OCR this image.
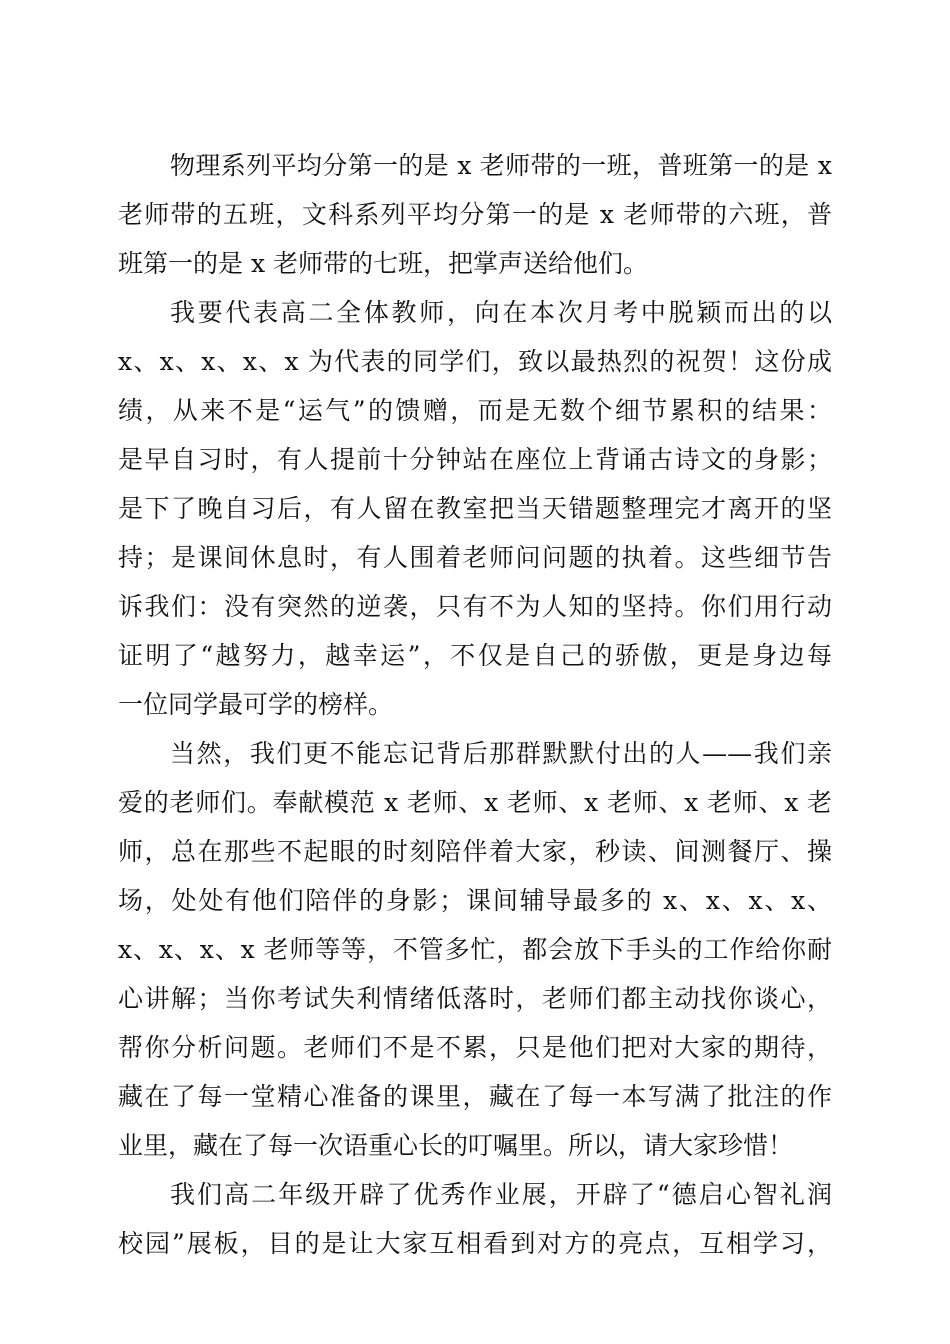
物理系列平均分第一的是 x 老师带的一班，普班第一的是 x
老师带的五班，文科系列平均分第一的是 x 老师带的六班，普
班第一的是 x 老师带的七班，把掌声送给他们。
我要代表高二全体教师，向在本次月考中脱颖而出的以
x、x、x、x、x 为代表的同学们，致以最热烈的祝贺！这份成
绩，从来不是“运气”的馈赠，而是无数个细节累积的结果：
是早自习时，有人提前十分钟站在座位上背诵古诗文的身影；
是下了晚自习后，有人留在教室把当天错题整理完才离开的坚
持；是课间休息时，有人围着老师问问题的执着。这些细节告
诉我们：没有突然的逆袭，只有不为人知的坚持。你们用行动
证明了“越努力，越幸运”，不仅是自己的骄傲，更是身边每
一位同学最可学的榜样。
当然，我们更不能忘记背后那群默默付出的人——我们亲
爱的老师们。奉献模范 x 老师、x 老师、x 老师、x 老师、x 老
师，总在那些不起眼的时刻陪伴着大家，秒读、间测餐厅、操
场，处处有他们陪伴的身影；课间辅导最多的 x、x、x、x、
x、x、x、x 老师等等，不管多忙，都会放下手头的工作给你耐
心讲解；当你考试失利情绪低落时，老师们都主动找你谈心，
帮你分析问题。老师们不是不累，只是他们把对大家的期待，
藏在了每一堂精心准备的课里，藏在了每一本写满了批注的作
业里，藏在了每一次语重心长的叮嘱里。所以，请大家珍惜！
我们高二年级开辟了优秀作业展，开辟了“德启心智礼润
校园”展板，目的是让大家互相看到对方的亮点，互相学习，
